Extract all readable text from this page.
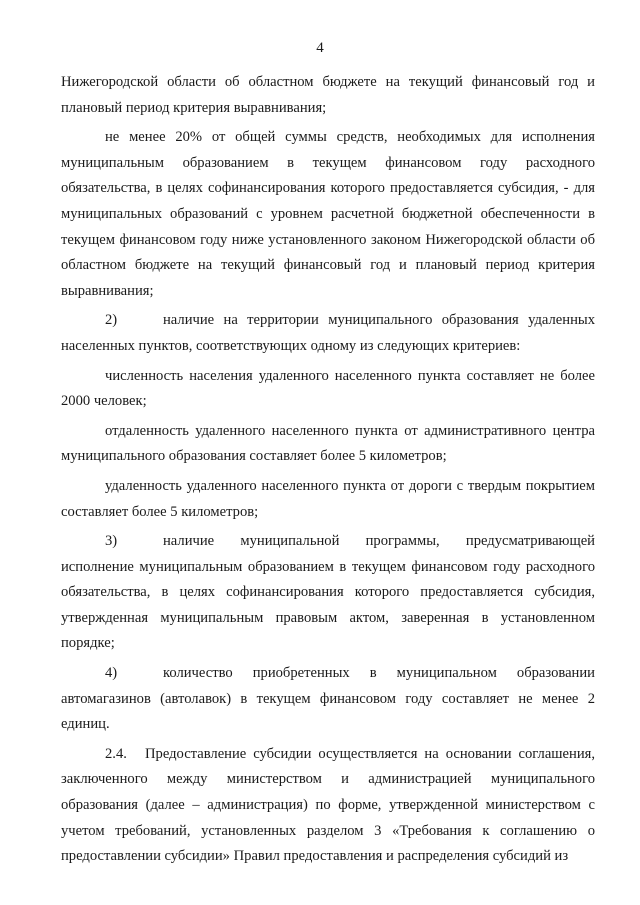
4

Нижегородской области об областном бюджете на текущий финансовый год и плановый период критерия выравнивания;

не менее 20% от общей суммы средств, необходимых для исполнения муниципальным образованием в текущем финансовом году расходного обязательства, в целях софинансирования которого предоставляется субсидия, - для муниципальных образований с уровнем расчетной бюджетной обеспеченности в текущем финансовом году ниже установленного законом Нижегородской области об областном бюджете на текущий финансовый год и плановый период критерия выравнивания;

2)	наличие на территории муниципального образования удаленных населенных пунктов, соответствующих одному из следующих критериев:

численность населения удаленного населенного пункта составляет не более 2000 человек;

отдаленность удаленного населенного пункта от административного центра муниципального образования составляет более 5 километров;

удаленность удаленного населенного пункта от дороги с твердым покрытием составляет более 5 километров;

3)	наличие муниципальной программы, предусматривающей исполнение муниципальным образованием в текущем финансовом году расходного обязательства, в целях софинансирования которого предоставляется субсидия, утвержденная муниципальным правовым актом, заверенная в установленном порядке;

4)	количество приобретенных в муниципальном образовании автомагазинов (автолавок) в текущем финансовом году составляет не менее 2 единиц.

2.4. Предоставление субсидии осуществляется на основании соглашения, заключенного между министерством и администрацией муниципального образования (далее – администрация) по форме, утвержденной министерством с учетом требований, установленных разделом 3 «Требования к соглашению о предоставлении субсидии» Правил предоставления и распределения субсидий из
